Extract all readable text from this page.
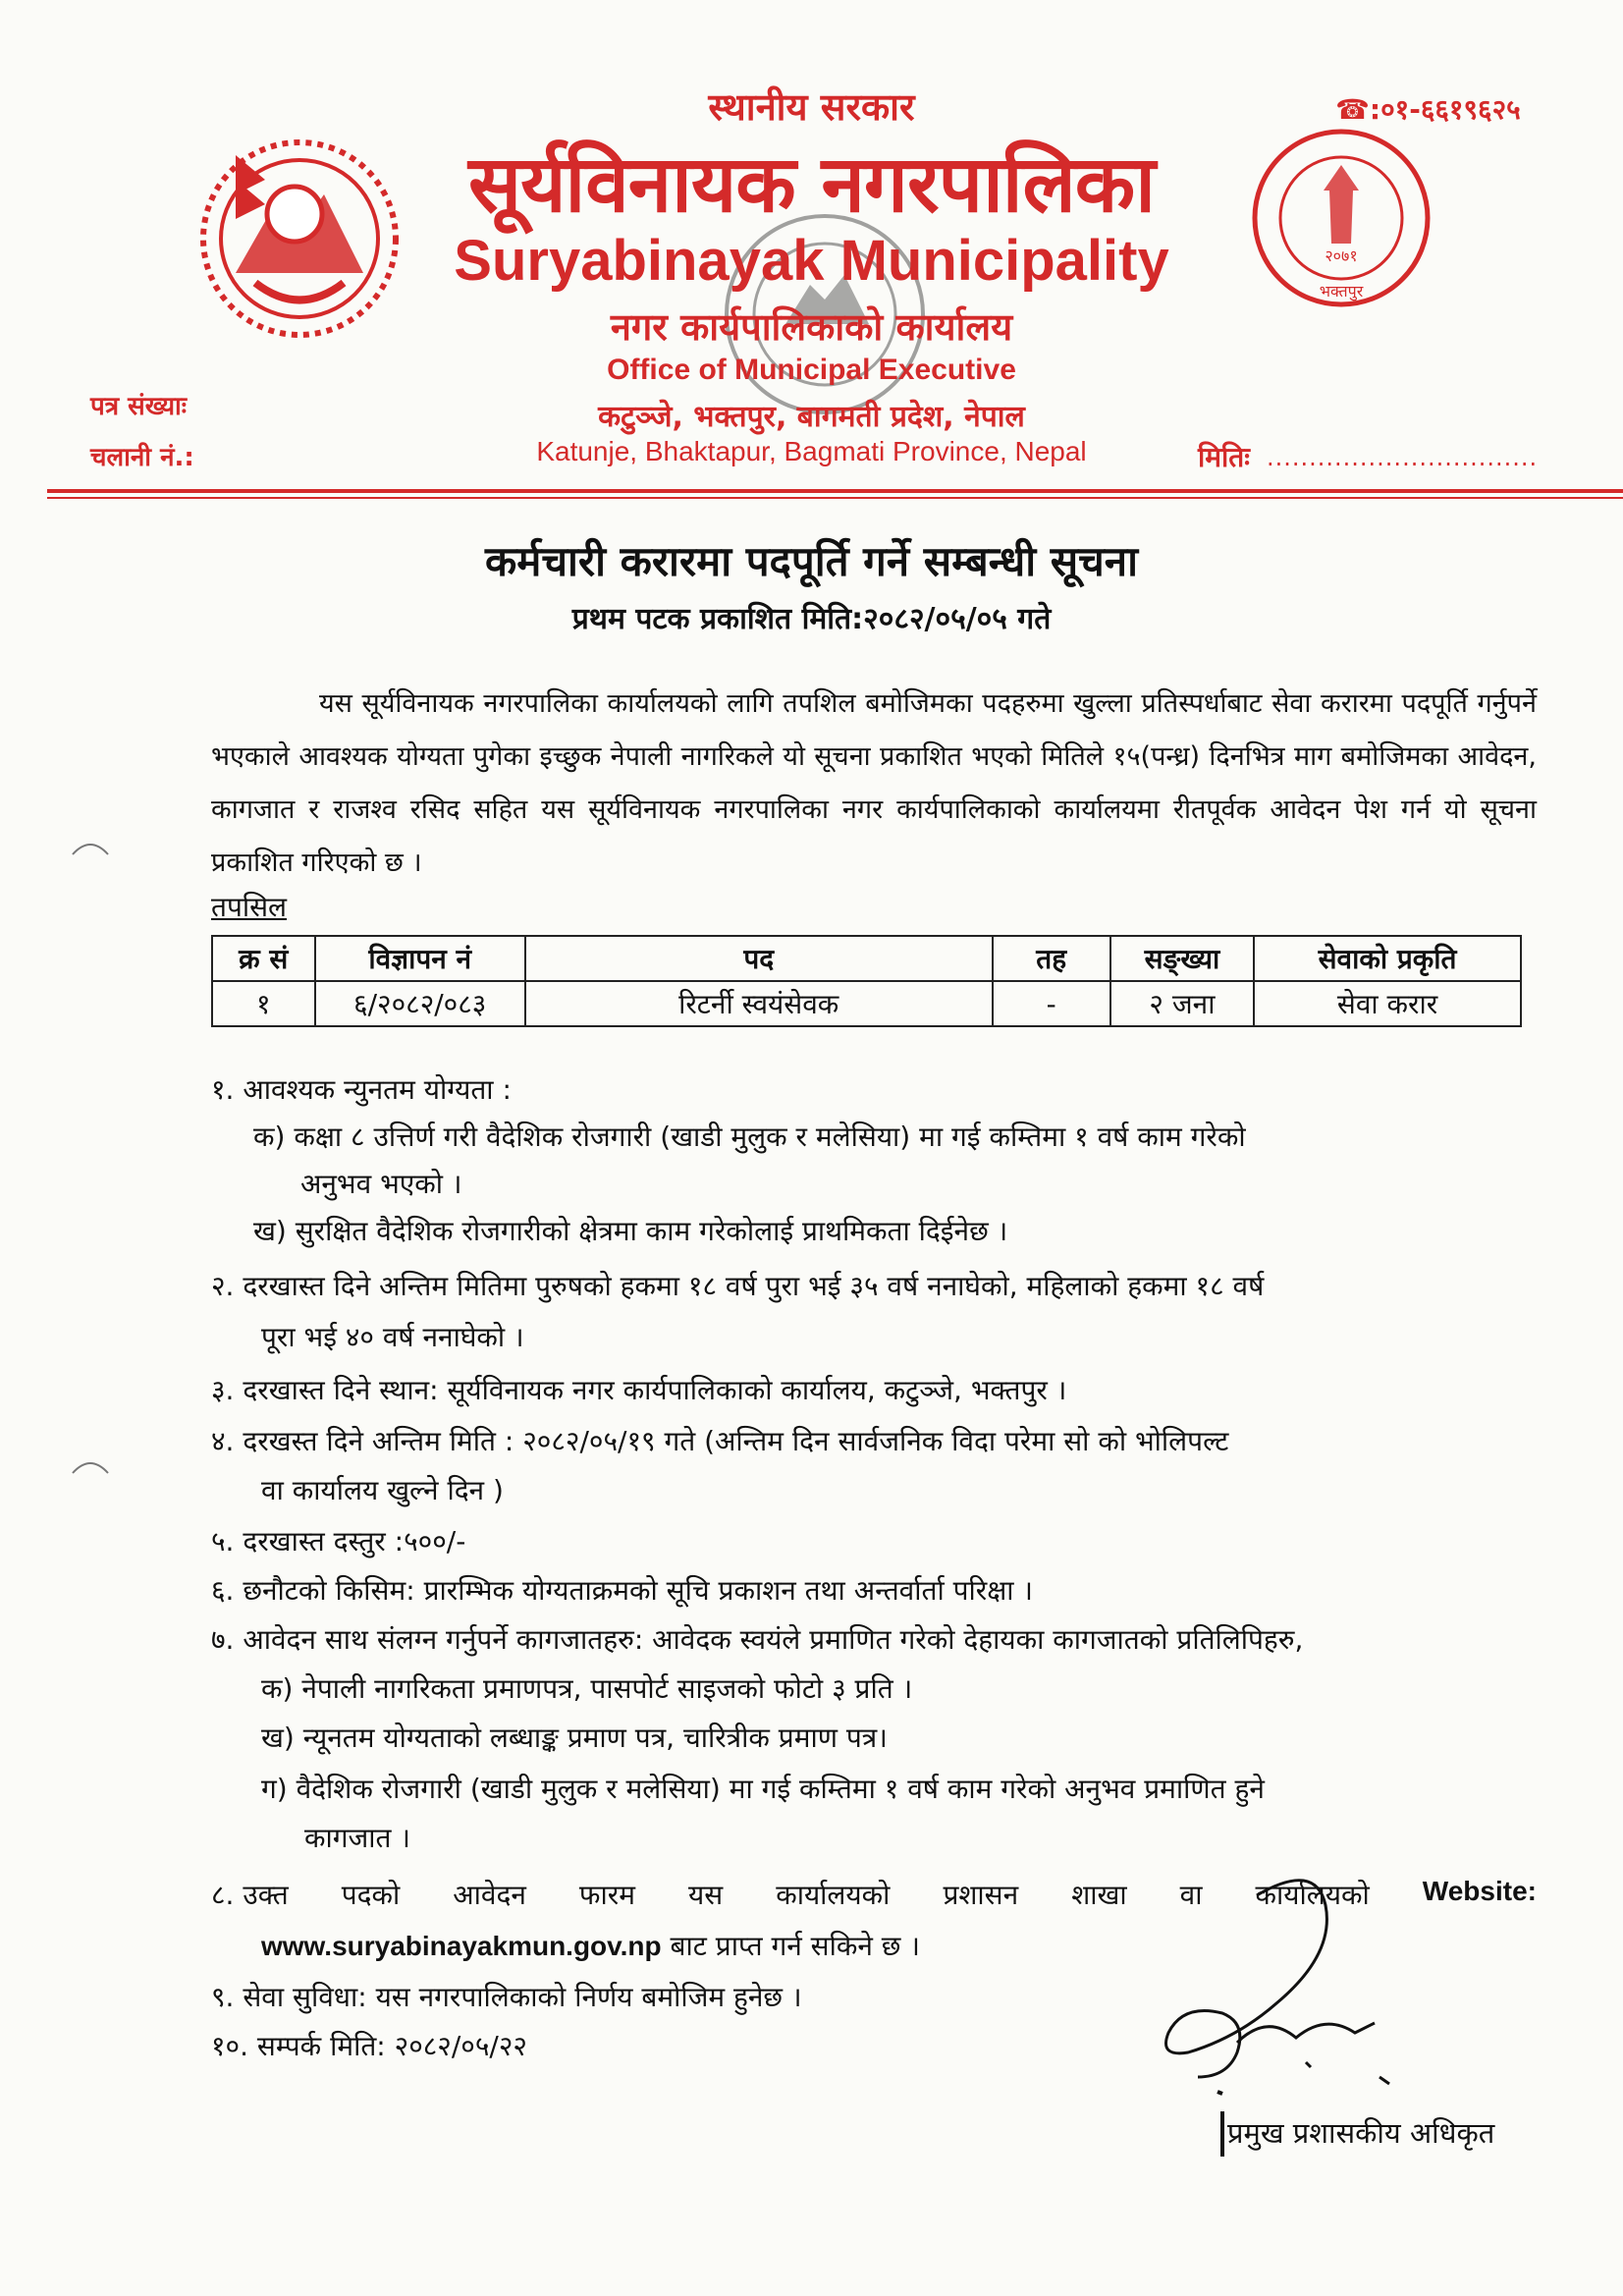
२०७१
भक्तपुर
स्थानीय सरकार
सूर्यविनायक नगरपालिका
Suryabinayak Municipality
नगर कार्यपालिकाको कार्यालय
Office of Municipal Executive
कटुञ्जे, भक्तपुर, बागमती प्रदेश, नेपाल
Katunje, Bhaktapur, Bagmati Province, Nepal
☎:०१-६६१९६२५
पत्र संख्याः
चलानी नं.:	मितिः ................................
कर्मचारी करारमा पदपूर्ति गर्ने सम्बन्धी सूचना
प्रथम पटक प्रकाशित मिति:२०८२/०५/०५ गते
यस सूर्यविनायक नगरपालिका कार्यालयको लागि तपशिल बमोजिमका पदहरुमा खुल्ला प्रतिस्पर्धाबाट सेवा करारमा पदपूर्ति गर्नुपर्ने भएकाले आवश्यक योग्यता पुगेका इच्छुक नेपाली नागरिकले यो सूचना प्रकाशित भएको मितिले १५(पन्ध्र) दिनभित्र माग बमोजिमका आवेदन, कागजात र राजश्व रसिद सहित यस सूर्यविनायक नगरपालिका नगर कार्यपालिकाको कार्यालयमा रीतपूर्वक आवेदन पेश गर्न यो सूचना प्रकाशित गरिएको छ ।
तपसिल
क्र सं	विज्ञापन नं	पद	तह	सङ्ख्या	सेवाको प्रकृति
१	६/२०८२/०८३	रिटर्नी स्वयंसेवक	-	२ जना	सेवा करार
१. आवश्यक न्युनतम योग्यता :
क) कक्षा ८ उत्तिर्ण गरी वैदेशिक रोजगारी (खाडी मुलुक र मलेसिया) मा गई कम्तिमा १ वर्ष काम गरेको
अनुभव भएको ।
ख) सुरक्षित वैदेशिक रोजगारीको क्षेत्रमा काम गरेकोलाई प्राथमिकता दिईनेछ ।
२. दरखास्त दिने अन्तिम मितिमा पुरुषको हकमा १८ वर्ष पुरा भई ३५ वर्ष ननाघेको, महिलाको हकमा १८ वर्ष
पूरा भई ४० वर्ष ननाघेको ।
३. दरखास्त दिने स्थान: सूर्यविनायक नगर कार्यपालिकाको कार्यालय, कटुञ्जे, भक्तपुर ।
४. दरखस्त दिने अन्तिम मिति : २०८२/०५/१९ गते (अन्तिम दिन सार्वजनिक विदा परेमा सो को भोलिपल्ट
वा कार्यालय खुल्ने दिन )
५. दरखास्त दस्तुर :५००/-
६. छनौटको किसिम: प्रारम्भिक योग्यताक्रमको सूचि प्रकाशन तथा अन्तर्वार्ता परिक्षा ।
७. आवेदन साथ संलग्न गर्नुपर्ने कागजातहरु: आवेदक स्वयंले प्रमाणित गरेको देहायका कागजातको प्रतिलिपिहरु,
क) नेपाली नागरिकता प्रमाणपत्र, पासपोर्ट साइजको फोटो ३ प्रति ।
ख) न्यूनतम योग्यताको लब्धाङ्क प्रमाण पत्र, चारित्रीक प्रमाण पत्र।
ग) वैदेशिक रोजगारी (खाडी मुलुक र मलेसिया) मा गई कम्तिमा १ वर्ष काम गरेको अनुभव प्रमाणित हुने
कागजात ।
८. उक्त पदको आवेदन फारम यस कार्यालयको प्रशासन शाखा वा कार्यालयको Website:
www.suryabinayakmun.gov.np बाट प्राप्त गर्न सकिने छ ।
९. सेवा सुविधा: यस नगरपालिकाको निर्णय बमोजिम हुनेछ ।
१०. सम्पर्क मिति: २०८२/०५/२२
प्रमुख प्रशासकीय अधिकृत
